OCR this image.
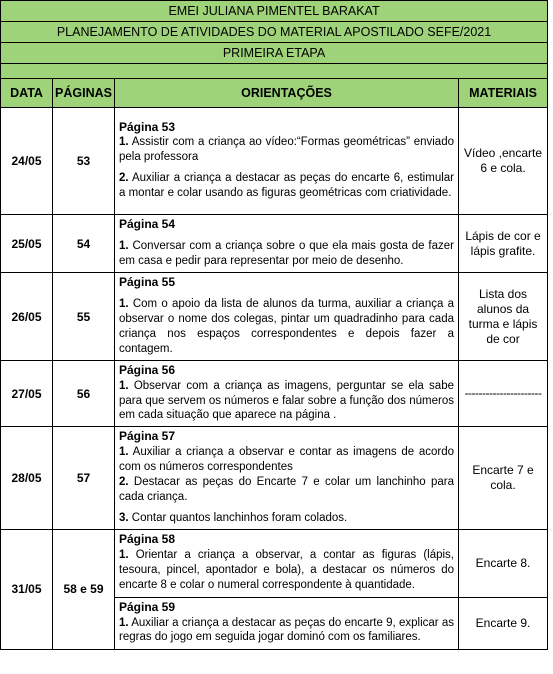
EMEI JULIANA PIMENTEL BARAKAT			
PLANEJAMENTO DE ATIVIDADES DO MATERIAL APOSTILADO SEFE/2021			
PRIMEIRA ETAPA			

DATA	PÁGINAS	ORIENTAÇÕES	MATERIAIS
24/05	53	Página 53

1. Assistir com a criança ao vídeo:“Formas geométricas” enviado pela professora

2. Auxiliar a criança a destacar as peças do encarte 6, estimular a montar e colar usando as figuras geométricas com criatividade.	Vídeo ,encarte 6 e cola.
25/05	54	Página 54

1. Conversar com a criança sobre o que ela mais gosta de fazer em casa e pedir para representar por meio de desenho.	Lápis de cor e lápis grafite.
26/05	55	Página 55

1. Com o apoio da lista de alunos da turma, auxiliar a criança a observar o nome dos colegas, pintar um quadradinho para cada criança nos espaços correspondentes e depois fazer a contagem.	Lista dos alunos da turma e lápis de cor
27/05	56	Página 56

1. Observar com a criança as imagens, perguntar se ela sabe para que servem os números e falar sobre a função dos números em cada situação que aparece na página .	----------------------
28/05	57	Página 57

1. Auxiliar a criança a observar e contar as imagens de acordo com os números correspondentes

2. Destacar as peças do Encarte 7 e colar um lanchinho para cada criança.

3. Contar quantos lanchinhos foram colados.	Encarte 7 e cola.
31/05	58 e 59	Página 58

1. Orientar a criança a observar, a contar as figuras (lápis, tesoura, pincel, apontador e bola), a destacar os números do encarte 8 e colar o numeral correspondente à quantidade.	Encarte 8.

		Página 59

1. Auxiliar a criança a destacar as peças do encarte 9, explicar as regras do jogo em seguida jogar dominó com os familiares.	Encarte 9.
